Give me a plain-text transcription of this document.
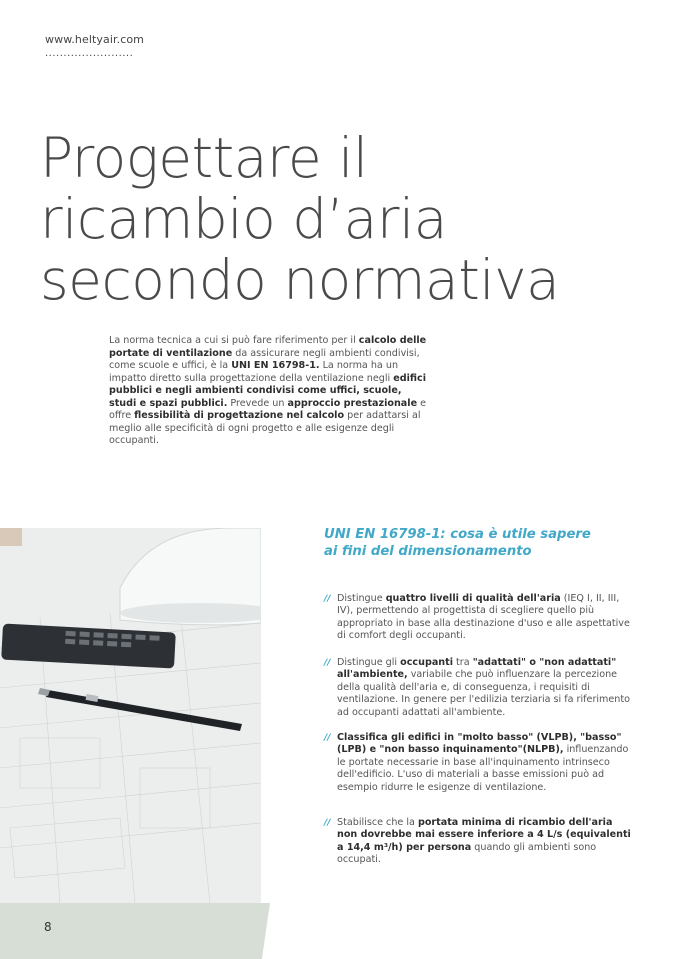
www.heltyair.com
........................
Progettare il
ricambio d’aria
secondo normativa

La norma tecnica a cui si può fare riferimento per il calcolo delle portate di ventilazione da assicurare negli ambienti condivisi, come scuole e uffici, è la UNI EN 16798-1. La norma ha un impatto diretto sulla progettazione della ventilazione negli edifici pubblici e negli ambienti condivisi come uffici, scuole, studi e spazi pubblici. Prevede un approccio prestazionale e offre flessibilità di progettazione nel calcolo per adattarsi al meglio alle specificità di ogni progetto e alle esigenze degli occupanti.

UNI EN 16798-1: cosa è utile sapere
ai fini del dimensionamento
// Distingue quattro livelli di qualità dell'aria (IEQ I, II, III, IV), permettendo al progettista di scegliere quello più appropriato in base alla destinazione d'uso e alle aspettative di comfort degli occupanti.
// Distingue gli occupanti tra "adattati" o "non adattati" all'ambiente, variabile che può influenzare la percezione della qualità dell'aria e, di conseguenza, i requisiti di ventilazione. In genere per l'edilizia terziaria si fa riferimento ad occupanti adattati all'ambiente.
// Classifica gli edifici in "molto basso" (VLPB), "basso"(LPB) e "non basso inquinamento"(NLPB), influenzando le portate necessarie in base all'inquinamento intrinseco dell'edificio. L'uso di materiali a basse emissioni può ad esempio ridurre le esigenze di ventilazione.
// Stabilisce che la portata minima di ricambio dell'aria non dovrebbe mai essere inferiore a 4 L/s (equivalenti a 14,4 m³/h) per persona quando gli ambienti sono occupati.
8
